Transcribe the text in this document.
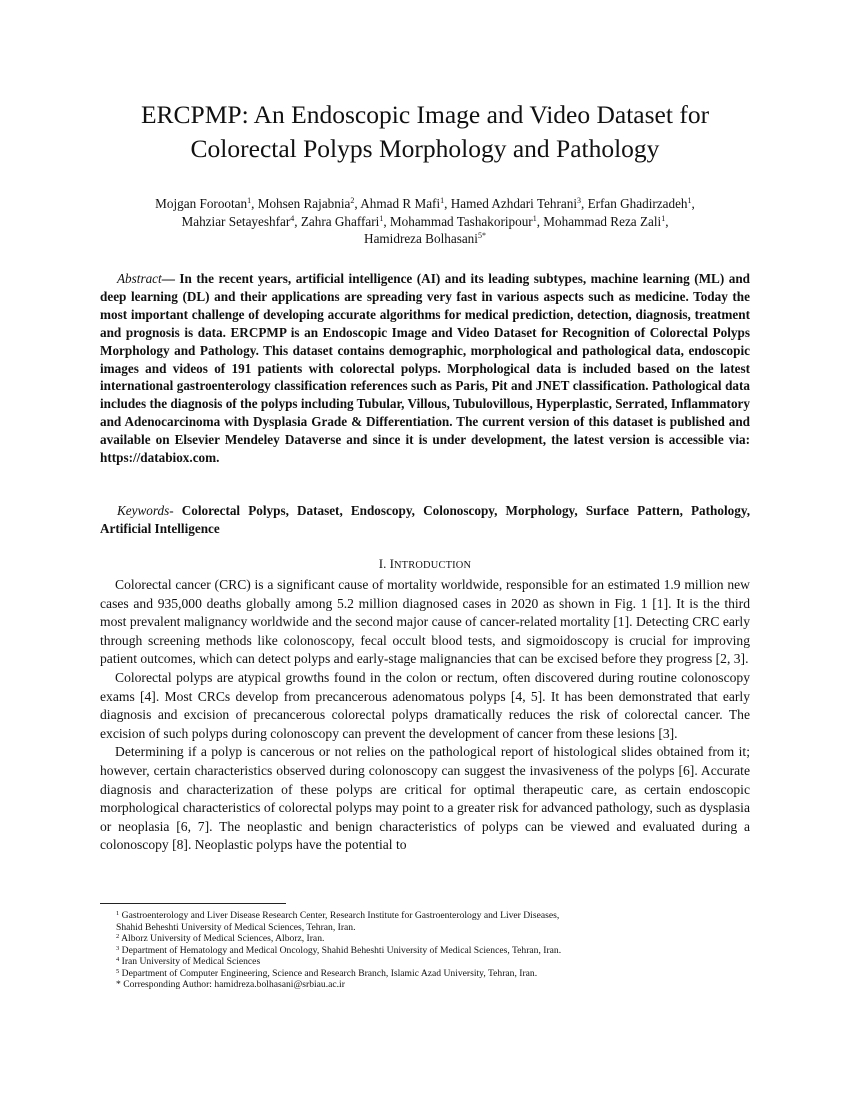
ERCPMP: An Endoscopic Image and Video Dataset for
Colorectal Polyps Morphology and Pathology
Mojgan Forootan$^1$, Mohsen Rajabnia$^2$, Ahmad R Mafi$^1$, Hamed Azhdari Tehrani$^3$, Erfan Ghadirzadeh$^1$,
Mahziar Setayeshfar$^4$, Zahra Ghaffari$^1$, Mohammad Tashakoripour$^1$, Mohammad Reza Zali$^1$,
Hamidreza Bolhasani$^{5*}$

Abstract— In the recent years, artificial intelligence (AI) and its leading subtypes, machine learning (ML) and deep learning (DL) and their applications are spreading very fast in various aspects such as medicine. Today the most important challenge of developing accurate algorithms for medical prediction, detection, diagnosis, treatment and prognosis is data. ERCPMP is an Endoscopic Image and Video Dataset for Recognition of Colorectal Polyps Morphology and Pathology. This dataset contains demographic, morphological and pathological data, endoscopic images and videos of 191 patients with colorectal polyps. Morphological data is included based on the latest international gastroenterology classification references such as Paris, Pit and JNET classification. Pathological data includes the diagnosis of the polyps including Tubular, Villous, Tubulovillous, Hyperplastic, Serrated, Inflammatory and Adenocarcinoma with Dysplasia Grade & Differentiation. The current version of this dataset is published and available on Elsevier Mendeley Dataverse and since it is under development, the latest version is accessible via: https://databiox.com.

Keywords- Colorectal Polyps, Dataset, Endoscopy, Colonoscopy, Morphology, Surface Pattern, Pathology, Artificial Intelligence

I. INTRODUCTION

Colorectal cancer (CRC) is a significant cause of mortality worldwide, responsible for an estimated 1.9 million new cases and 935,000 deaths globally among 5.2 million diagnosed cases in 2020 as shown in Fig. 1 [1]. It is the third most prevalent malignancy worldwide and the second major cause of cancer-related mortality [1]. Detecting CRC early through screening methods like colonoscopy, fecal occult blood tests, and sigmoidoscopy is crucial for improving patient outcomes, which can detect polyps and early-stage malignancies that can be excised before they progress [2, 3].

Colorectal polyps are atypical growths found in the colon or rectum, often discovered during routine colonoscopy exams [4]. Most CRCs develop from precancerous adenomatous polyps [4, 5]. It has been demonstrated that early diagnosis and excision of precancerous colorectal polyps dramatically reduces the risk of colorectal cancer. The excision of such polyps during colonoscopy can prevent the development of cancer from these lesions [3].

Determining if a polyp is cancerous or not relies on the pathological report of histological slides obtained from it; however, certain characteristics observed during colonoscopy can suggest the invasiveness of the polyps [6]. Accurate diagnosis and characterization of these polyps are critical for optimal therapeutic care, as certain endoscopic morphological characteristics of colorectal polyps may point to a greater risk for advanced pathology, such as dysplasia or neoplasia [6, 7]. The neoplastic and benign characteristics of polyps can be viewed and evaluated during a colonoscopy [8]. Neoplastic polyps have the potential to

$^1$ Gastroenterology and Liver Disease Research Center, Research Institute for Gastroenterology and Liver Diseases,
Shahid Beheshti University of Medical Sciences, Tehran, Iran.
$^2$ Alborz University of Medical Sciences, Alborz, Iran.
$^3$ Department of Hematology and Medical Oncology, Shahid Beheshti University of Medical Sciences, Tehran, Iran.
$^4$ Iran University of Medical Sciences
$^5$ Department of Computer Engineering, Science and Research Branch, Islamic Azad University, Tehran, Iran.
* Corresponding Author: hamidreza.bolhasani@srbiau.ac.ir
